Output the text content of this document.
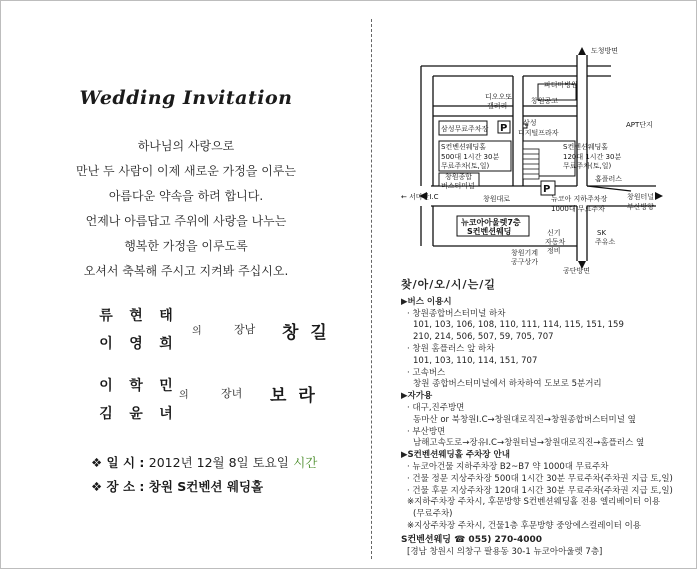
Wedding Invitation
하나님의 사랑으로
만난 두 사람이 이제 새로운 가정을 이루는
아름다운 약속을 하려 합니다.
언제나 아름답고 주위에 사랑을 나누는
행복한 가정을 이루도록
오셔서 축복해 주시고 지켜봐 주십시오.
류	현	태
이	영	희
의	장남 창길
이	학	민
김	윤	녀
의	장녀 보라
❖ 일 시 : 2012년 12월 8일 토요일 시간
❖ 장 소 : 창원 S컨벤션 웨딩홀
도청방면
파티마병원
디오오또
갤러리
창원공고
삼성무료주차장 P 삼성
디지털프라자
APT단지
S컨벤션웨딩홀
500대 1시간 30분
무료주차(토,일)
S컨벤션웨딩홀
120대 1시간 30분
무료주차(토,일)
창원종합
버스터미널
홈플러스
P
뉴코아 지하주차장
1000대 무료주차
← 서마산I.C	창원대로	창원터널
부산방향
뉴코아아울렛7층
S컨벤션웨딩
창원기계
공구상가
신기
자동차
정비
SK
주유소
공단방면
찾/아/오/시/는/길
▶버스 이용시
· 창원종합버스터미널 하차
101, 103, 106, 108, 110, 111, 114, 115, 151, 159
210, 214, 506, 507, 59, 705, 707
· 창원 홈플러스 앞 하차
101, 103, 110, 114, 151, 707
· 고속버스
창원 종합버스터미널에서 하차하여 도보로 5분거리
▶자가용
· 대구,진주방면
동마산 or 북창원I.C→창원대로직진→창원종합버스터미널 옆
· 부산방면
남해고속도로→장유I.C→창원터널→창원대로직진→홈플러스 옆
▶S컨벤션웨딩홀 주차장 안내
· 뉴코아건물 지하주차장 B2~B7 약 1000대 무료주차
· 건물 정문 지상주차장 500대 1시간 30분 무료주차(주차권 지급 토,일)
· 건물 후문 지상주차장 120대 1시간 30분 무료주차(주차권 지급 토,일)
※지하주차장 주차시, 후문방향 S컨벤션웨딩홀 전용 엘리베이터 이용
(무료주차)
※지상주차장 주차시, 건물1층 후문방향 중앙에스컬레이터 이용
S컨벤션웨딩 ☎ 055) 270-4000
[경남 창원시 의창구 팔용동 30-1 뉴코아아울렛 7층]
